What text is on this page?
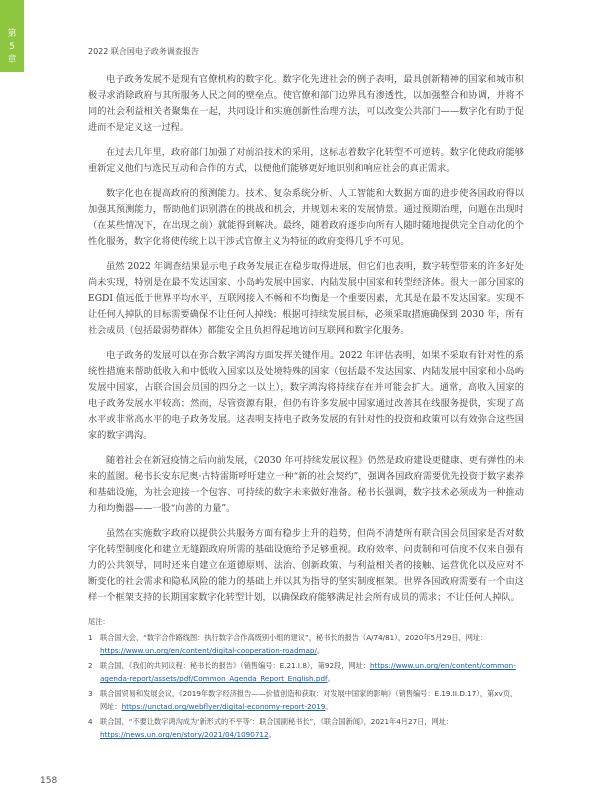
第
5
章
2022 联合国电子政务调查报告

电子政务发展不是现有官僚机构的数字化。数字化先进社会的例子表明，最具创新精神的国家和城市积极寻求消除政府与其所服务人民之间的壁垒点。使官僚和部门边界具有渗透性，以加强整合和协调，并将不同的社会利益相关者聚集在一起，共同设计和实施创新性治理方法，可以改变公共部门——数字化有助于促进而不是定义这一过程。

在过去几年里，政府部门加强了对前沿技术的采用，这标志着数字化转型不可逆转。数字化使政府能够重新定义他们与选民互动和合作的方式，以便他们能够更好地识别和响应社会的真正需求。

数字化也在提高政府的预测能力。技术、复杂系统分析、人工智能和大数据方面的进步使各国政府得以加强其预测能力，帮助他们识别潜在的挑战和机会，并规划未来的发展情景。通过预期治理，问题在出现时（在某些情况下，在出现之前）就能得到解决。最终，随着政府逐步向所有人随时随地提供完全自动化的个性化服务，数字化将使传统上以干涉式官僚主义为特征的政府变得几乎不可见。

虽然 2022 年调查结果显示电子政务发展正在稳步取得进展，但它们也表明，数字转型带来的许多好处尚未实现，特别是在最不发达国家、小岛屿发展中国家、内陆发展中国家和转型经济体。很大一部分国家的 EGDI 值远低于世界平均水平，互联网接入不畅和不均衡是一个重要因素，尤其是在最不发达国家。实现不让任何人掉队的目标需要确保不让任何人掉线；根据可持续发展目标，必须采取措施确保到 2030 年，所有社会成员（包括最弱势群体）都能安全且负担得起地访问互联网和数字化服务。

电子政务的发展可以在弥合数字鸿沟方面发挥关键作用。2022 年评估表明，如果不采取有针对性的系统性措施来帮助低收入和中低收入国家以及处境特殊的国家（包括最不发达国家、内陆发展中国家和小岛屿发展中国家，占联合国会员国的四分之一以上），数字鸿沟将持续存在并可能会扩大。通常，高收入国家的电子政务发展水平较高；然而，尽管资源有限，但仍有许多发展中国家通过改善其在线服务提供，实现了高水平或非常高水平的电子政务发展。这表明支持电子政务发展的有针对性的投资和政策可以有效弥合这些国家的数字鸿沟。

随着社会在新冠疫情之后向前发展，《2030 年可持续发展议程》仍然是政府建设更健康、更有弹性的未来的蓝图。秘书长安东尼奥·古特雷斯呼吁建立一种“新的社会契约”，强调各国政府需要优先投资于数字素养和基础设施，为社会迎接一个包容、可持续的数字未来做好准备。秘书长强调，数字技术必须成为一种推动力和均衡器——一股“向善的力量”。

虽然在实施数字政府以提供公共服务方面有稳步上升的趋势，但尚不清楚所有联合国会员国家是否对数字化转型制度化和建立无缝跟政府所需的基础设施给予足够重视。政府效率、问责制和可信度不仅来自强有力的公共领导，同时还来自建立在道德原则、法治、创新政策、与利益相关者的接触、运营优化以及应对不断变化的社会需求和隐私风险的能力的基础上并以其为指导的坚实制度框架。世界各国政府需要有一个由这样一个框架支持的长期国家数字化转型计划，以确保政府能够满足社会所有成员的需求；不让任何人掉队。

尾注：
1	联合国大会，“数字合作路线图：执行数字合作高级别小组的建议”，秘书长的报告（A/74/81），2020年5月29日，网址：https://www.un.org/en/content/digital-cooperation-roadmap/。
2	联合国，《我们的共同议程：秘书长的报告》（销售编号：E.21.I.8），第92段，网址：https://www.un.org/en/content/common-agenda-report/assets/pdf/Common_Agenda_Report_English.pdf。
3	联合国贸易和发展会议，《2019年数字经济报告——价值创造和获取：对发展中国家的影响》（销售编号：E.19.II.D.17），第xv页，网址：https://unctad.org/webflyer/digital-economy-report-2019。
4	联合国，“不要让数字鸿沟成为‘新形式的不平等’：联合国副秘书长”，《联合国新闻》，2021年4月27日，网址：https://news.un.org/en/story/2021/04/1090712。
158
